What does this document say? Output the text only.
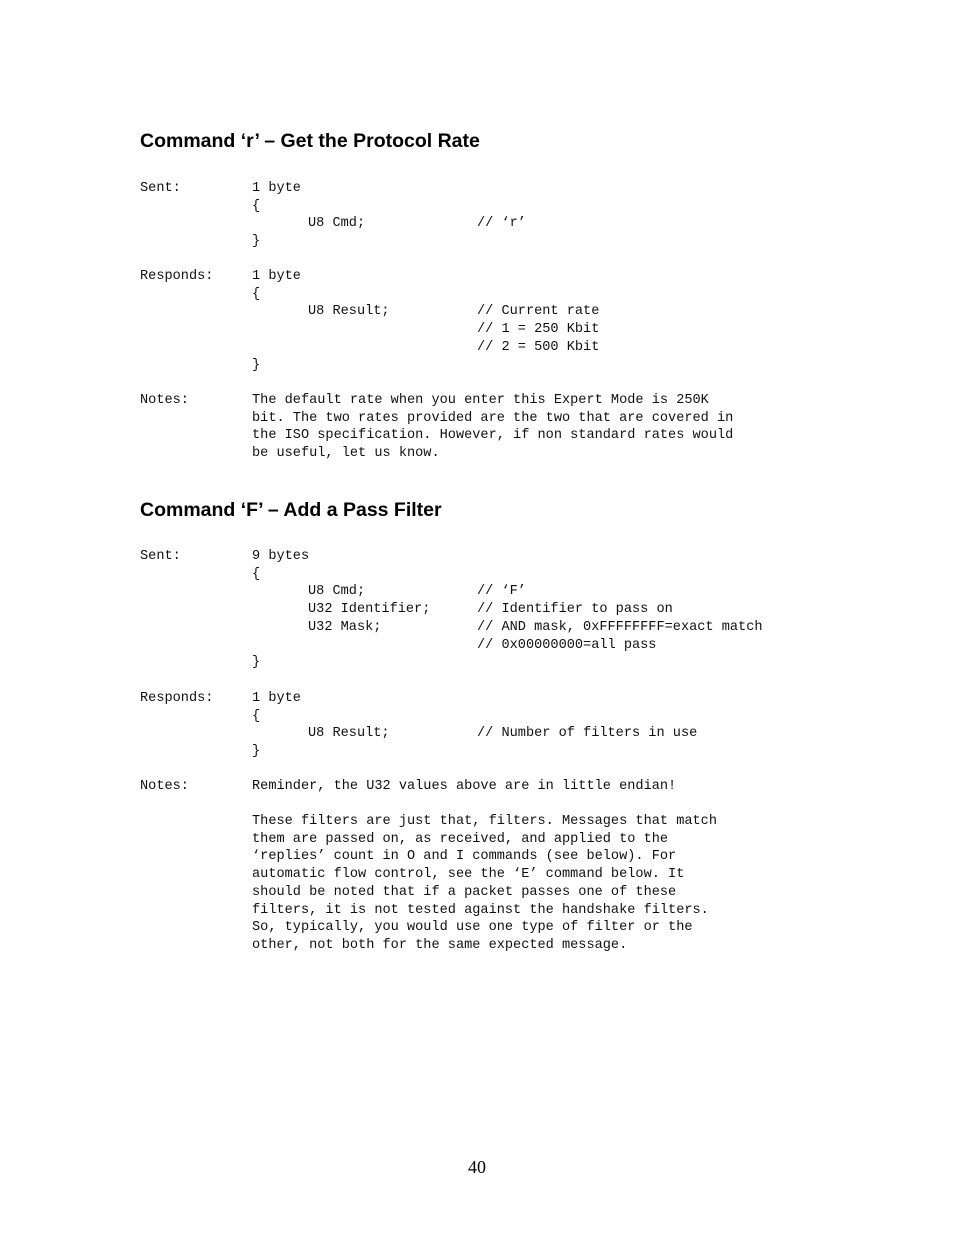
Command ‘r’ – Get the Protocol Rate
Sent:	1 byte
{
U8 Cmd;	// ‘r’
}
Responds:	1 byte
{
U8 Result;	// Current rate
// 1 = 250 Kbit
// 2 = 500 Kbit
}
Notes:	The default rate when you enter this Expert Mode is 250K
bit. The two rates provided are the two that are covered in
the ISO specification. However, if non standard rates would
be useful, let us know.
Command ‘F’ – Add a Pass Filter
Sent:	9 bytes
{
U8 Cmd;	// ‘F’
U32 Identifier;	// Identifier to pass on
U32 Mask;	// AND mask, 0xFFFFFFFF=exact match
// 0x00000000=all pass
}
Responds:	1 byte
{
U8 Result;	// Number of filters in use
}
Notes:	Reminder, the U32 values above are in little endian!
These filters are just that, filters. Messages that match
them are passed on, as received, and applied to the
‘replies’ count in O and I commands (see below). For
automatic flow control, see the ‘E’ command below. It
should be noted that if a packet passes one of these
filters, it is not tested against the handshake filters.
So, typically, you would use one type of filter or the
other, not both for the same expected message.
40
